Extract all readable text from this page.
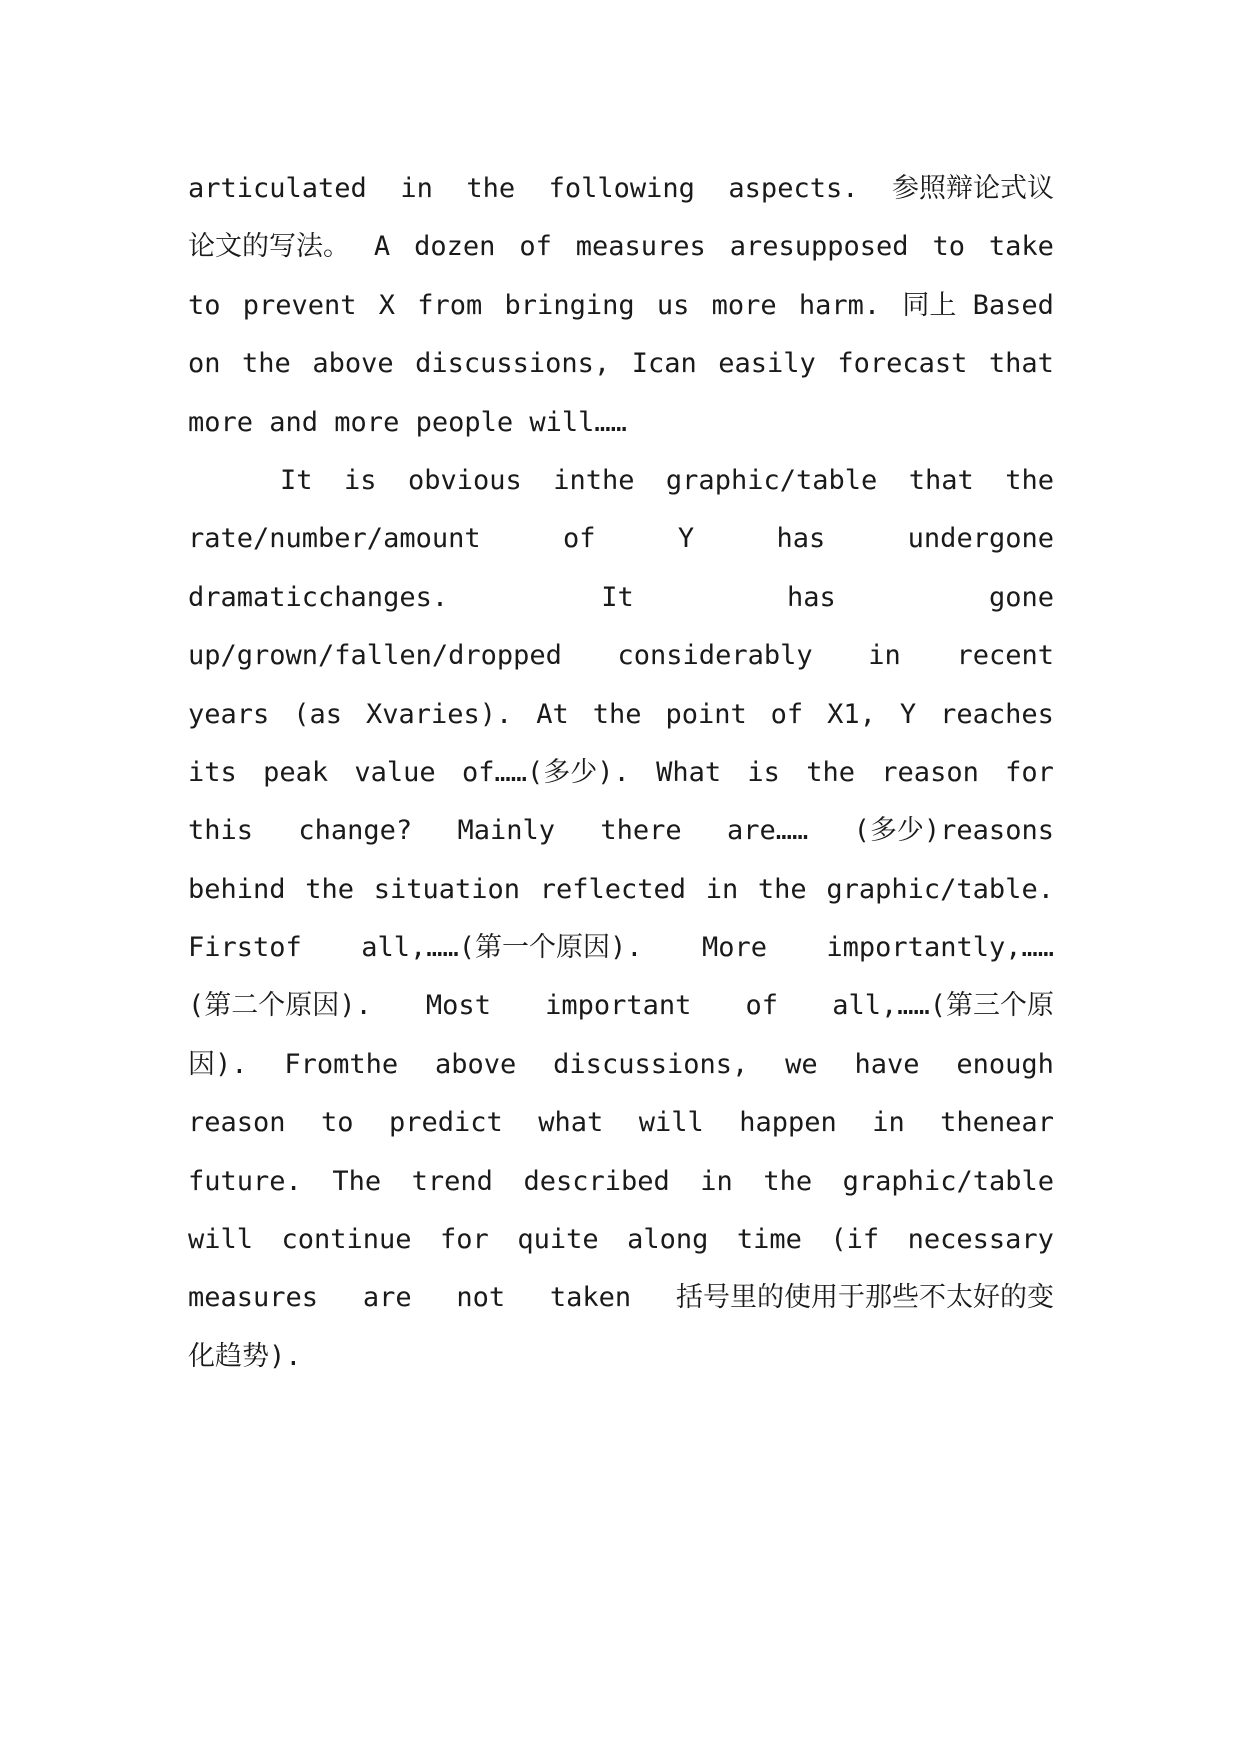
articulated in the following aspects. 参照辩论式议
论文的写法。 A dozen of measures aresupposed to take
to prevent X from bringing us more harm. 同上 Based
on the above discussions, Ican easily forecast that
more and more people will……
It is obvious inthe graphic/table that the
rate/number/amount	of	Y	has	undergone
dramaticchanges.	It	has	gone
up/grown/fallen/dropped considerably in recent
years (as Xvaries). At the point of X1, Y reaches
its peak value of……(多少). What is the reason for
this change? Mainly there are…… (多少)reasons
behind the situation reflected in the graphic/table.
Firstof all,……(第一个原因). More importantly,……
(第二个原因). Most important of all,……(第三个原
因). Fromthe above discussions, we have enough
reason to predict what will happen in thenear
future. The trend described in the graphic/table
will continue for quite along time (if necessary
measures are not taken 括号里的使用于那些不太好的变
化趋势).
